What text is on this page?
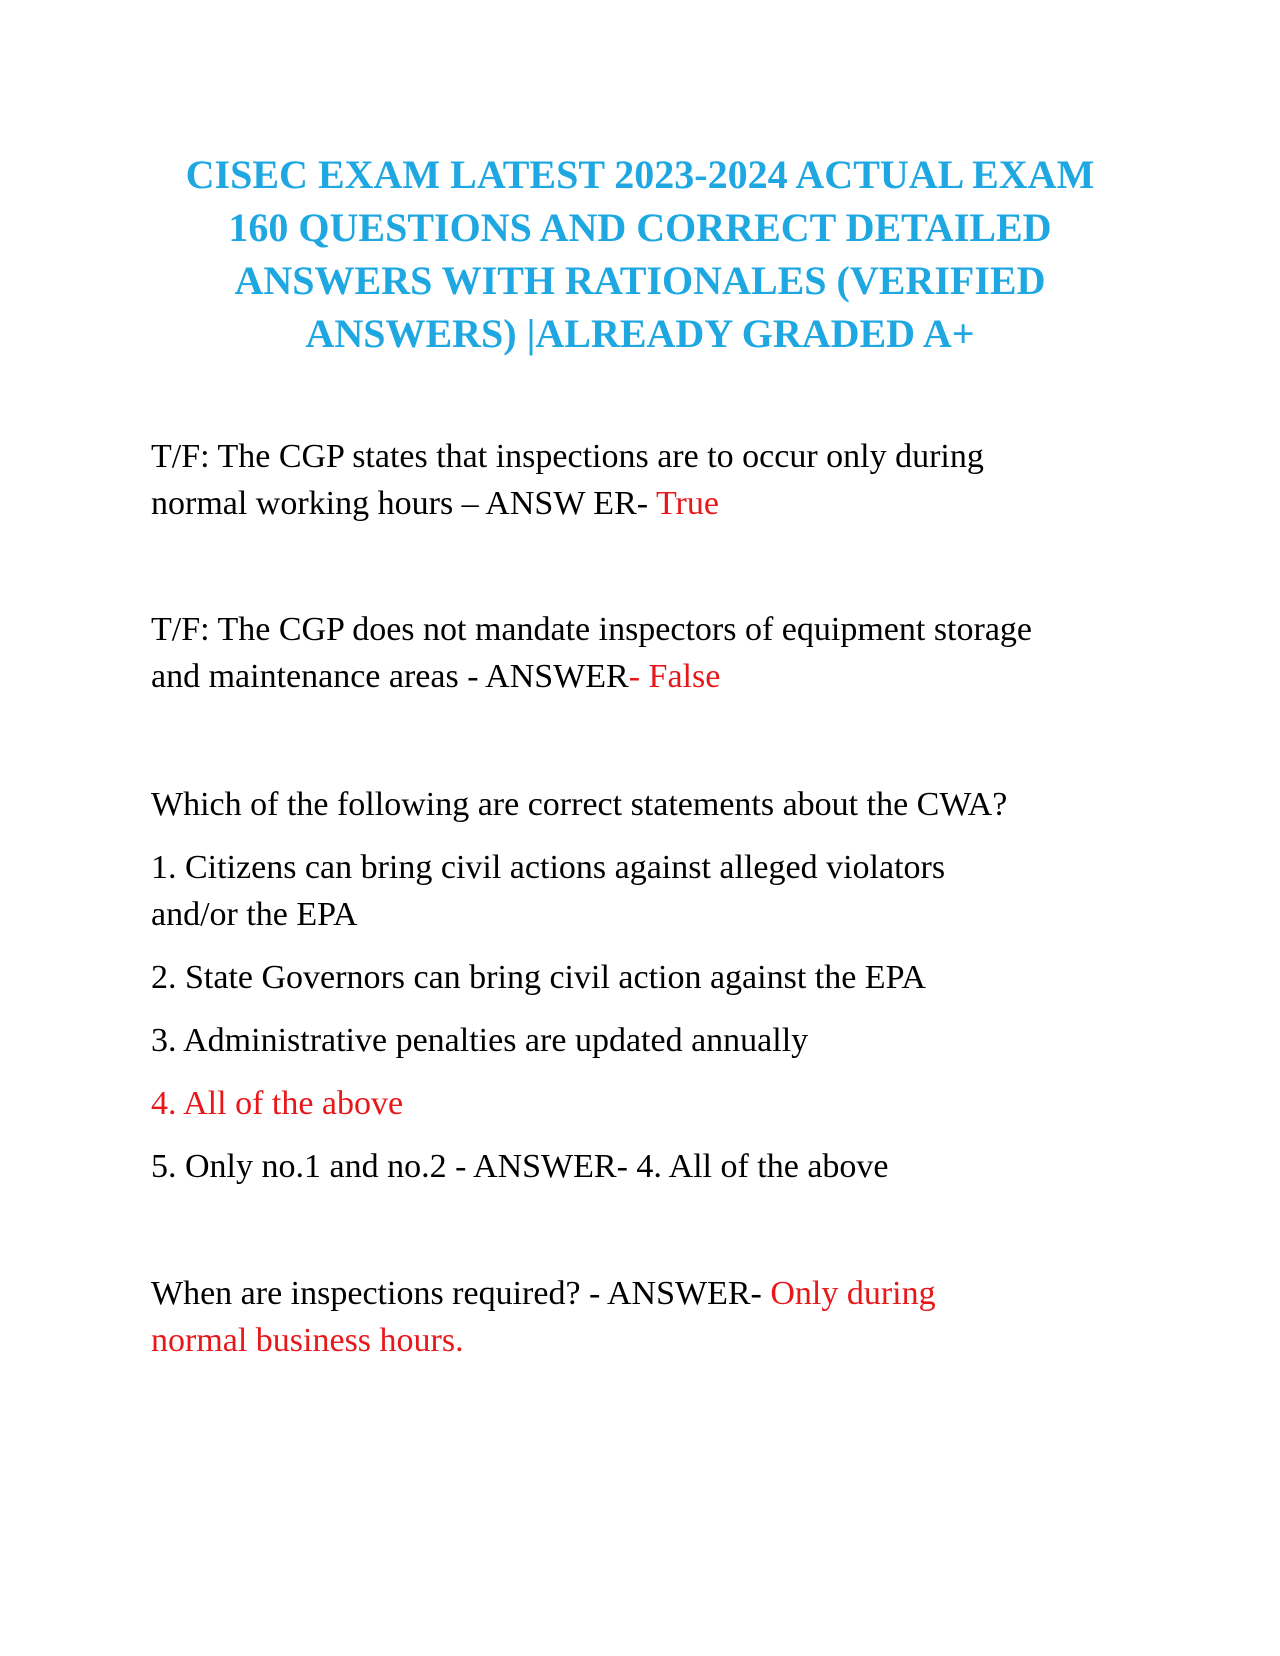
CISEC EXAM LATEST 2023-2024 ACTUAL EXAM
160 QUESTIONS AND CORRECT DETAILED
ANSWERS WITH RATIONALES (VERIFIED
ANSWERS) |ALREADY GRADED A+
T/F: The CGP states that inspections are to occur only during
normal working hours – ANSW ER- True
T/F: The CGP does not mandate inspectors of equipment storage
and maintenance areas - ANSWER- False
Which of the following are correct statements about the CWA?
1. Citizens can bring civil actions against alleged violators
and/or the EPA
2. State Governors can bring civil action against the EPA
3. Administrative penalties are updated annually
4. All of the above
5. Only no.1 and no.2 - ANSWER- 4. All of the above
When are inspections required? - ANSWER- Only during
normal business hours.
